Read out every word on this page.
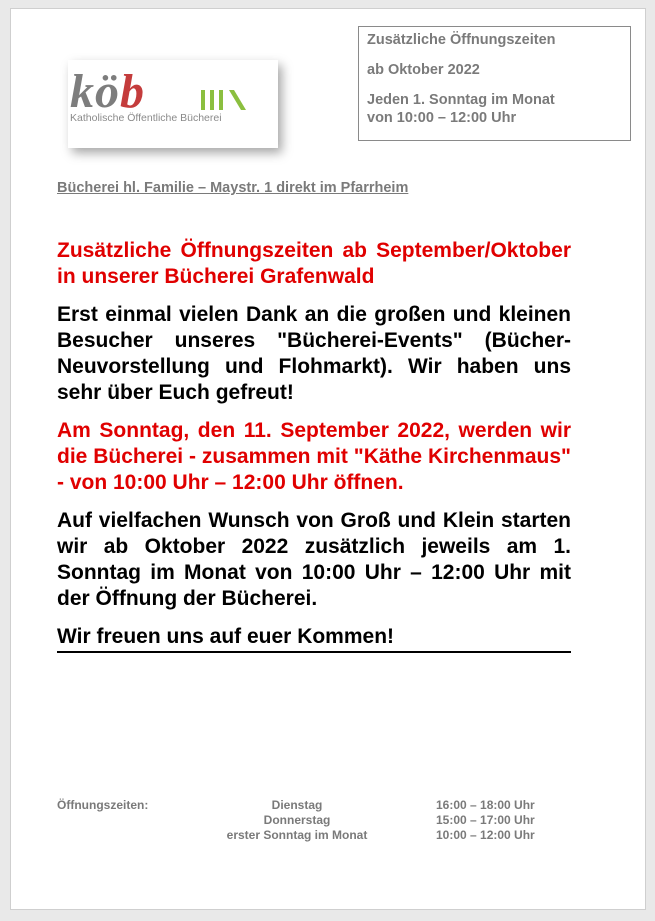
köb
Katholische Öffentliche Bücherei
Zusätzliche Öffnungszeiten
ab Oktober 2022
Jeden 1. Sonntag im Monat
von 10:00 – 12:00 Uhr
Bücherei hl. Familie – Maystr. 1 direkt im Pfarrheim
Zusätzliche Öffnungszeiten ab September/Oktober in unserer Bücherei Grafenwald
Erst einmal vielen Dank an die großen und kleinen Besucher unseres "Bücherei-Events" (Bücher-Neuvorstellung und Flohmarkt). Wir haben uns sehr über Euch gefreut!
Am Sonntag, den 11. September 2022, werden wir die Bücherei - zusammen mit "Käthe Kirchenmaus" - von 10:00 Uhr – 12:00 Uhr öffnen.
Auf vielfachen Wunsch von Groß und Klein starten wir ab Oktober 2022 zusätzlich jeweils am 1. Sonntag im Monat von 10:00 Uhr – 12:00 Uhr mit der Öffnung der Bücherei.
Wir freuen uns auf euer Kommen!
Öffnungszeiten:	Dienstag
Donnerstag
erster Sonntag im Monat
16:00 – 18:00 Uhr
15:00 – 17:00 Uhr
10:00 – 12:00 Uhr
